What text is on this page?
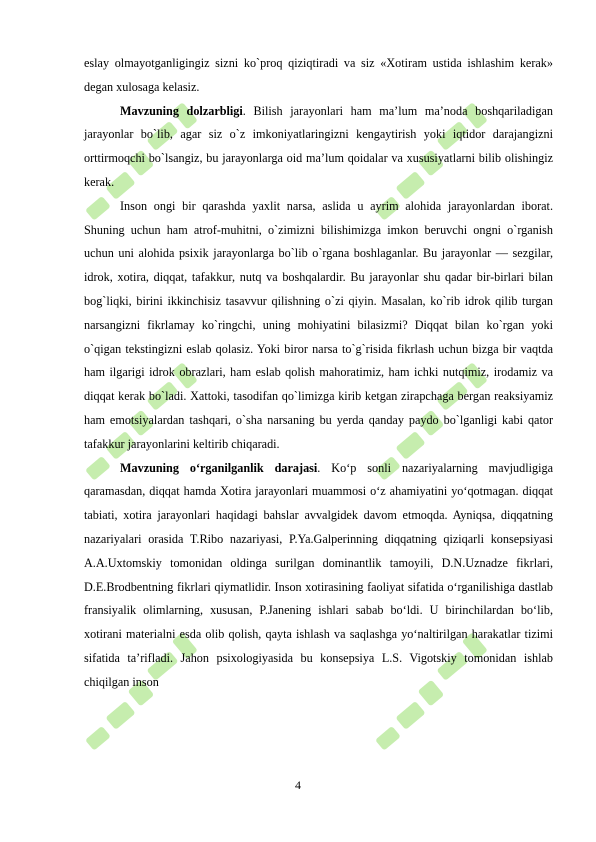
eslay olmayotganligingiz sizni ko`proq qiziqtiradi va siz «Xotiram ustida ishlashim kerak» degan xulosaga kelasiz.

Mavzuning dolzarbligi. Bilish jarayonlari ham ma’lum ma’noda boshqariladigan jarayonlar bo`lib, agar siz o`z imkoniyatlaringizni kengaytirish yoki iqtidor darajangizni orttirmoqchi bo`lsangiz, bu jarayonlarga oid ma’lum qoidalar va xususiyatlarni bilib olishingiz kerak.

Inson ongi bir qarashda yaxlit narsa, aslida u ayrim alohida jarayonlardan iborat. Shuning uchun ham atrof-muhitni, o`zimizni bilishimizga imkon beruvchi ongni o`rganish uchun uni alohida psixik jarayonlarga bo`lib o`rgana boshlaganlar. Bu jarayonlar — sezgilar, idrok, xotira, diqqat, tafakkur, nutq va boshqalardir. Bu jarayonlar shu qadar bir-birlari bilan bog`liqki, birini ikkinchisiz tasavvur qilishning o`zi qiyin. Masalan, ko`rib idrok qilib turgan narsangizni fikrlamay ko`ringchi, uning mohiyatini bilasizmi? Diqqat bilan ko`rgan yoki o`qigan tekstingizni eslab qolasiz. Yoki biror narsa to`g`risida fikrlash uchun bizga bir vaqtda ham ilgarigi idrok obrazlari, ham eslab qolish mahoratimiz, ham ichki nutqimiz, irodamiz va diqqat kerak bo`ladi. Xattoki, tasodifan qo`limizga kirib ketgan zirapchaga bergan reaksiyamiz ham emotsiyalardan tashqari, o`sha narsaning bu yerda qanday paydo bo`lganligi kabi qator tafakkur jarayonlarini keltirib chiqaradi.

Mavzuning o‘rganilganlik darajasi. Ko‘p sonli nazariyalarning mavjudligiga qaramasdan, diqqat hamda Xotira jarayonlari muammosi o‘z ahamiyatini yo‘qotmagan. diqqat tabiati, xotira jarayonlari haqidagi bahslar avvalgidek davom etmoqda. Ayniqsa, diqqatning nazariyalari orasida T.Ribo nazariyasi, P.Ya.Galperinning diqqatning qiziqarli konsepsiyasi A.A.Uxtomskiy tomonidan oldinga surilgan dominantlik tamoyili, D.N.Uznadze fikrlari, D.E.Brodbentning fikrlari qiymatlidir. Inson xotirasining faoliyat sifatida o‘rganilishiga dastlab fransiyalik olimlarning, xususan, P.Janening ishlari sabab bo‘ldi. U birinchilardan bo‘lib, xotirani materialni esda olib qolish, qayta ishlash va saqlashga yo‘naltirilgan harakatlar tizimi sifatida ta’rifladi. Jahon psixologiyasida bu konsepsiya L.S. Vigotskiy tomonidan ishlab chiqilgan inson

4
